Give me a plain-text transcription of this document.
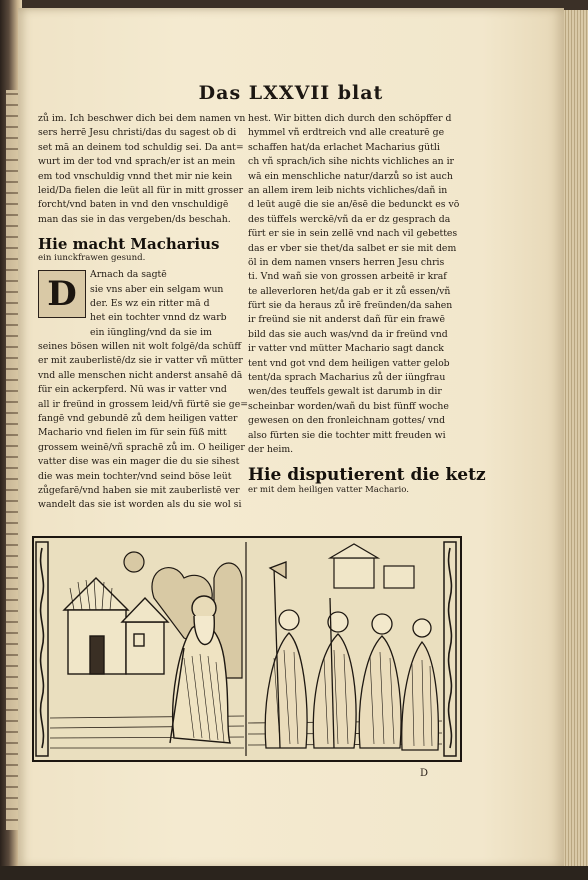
Das LXXVII blat
zů im. Ich beschwer dich bei dem namen vn
sers herrē Jesu christi/das du sagest ob di
set mā an deinem tod schuldig sei. Da ant=
wurt im der tod vnd sprach/er ist an mein
em tod vnschuldig vnnd thet mir nie kein
leid/Da fielen die leüt all für in mitt grosser
forcht/vnd baten in vnd den vnschuldigē
man das sie in das vergeben/ds beschah.
Hie macht Macharius
ein iunckfrawen gesund.
D	Arnach da sagtē
sie vns aber ein selgam wun
der. Es wz ein ritter mā d
het ein tochter vnnd dz warb
ein iüngling/vnd da sie im
seines bösen willen nit wolt folgē/da schüff
er mit zauberlistē/dz sie ir vatter vñ mütter
vnd alle menschen nicht anderst ansahē dā
für ein ackerpferd. Nū was ir vatter vnd
all ir freünd in grossem leid/vñ fürtē sie ge=
fangē vnd gebundē zů dem heiligen vatter
Machario vnd fielen im für sein füß mitt
grossem weinē/vñ sprachē zů im. O heiliger
vatter dise was ein mager die du sie sihest
die was mein tochter/vnd seind böse leüt
zůgefarē/vnd haben sie mit zauberlistē ver
wandelt das sie ist worden als du sie wol si
hest. Wir bitten dich durch den schöpffer d
hymmel vñ erdtreich vnd alle creaturē ge
schaffen hat/da erlachet Macharius gütli
ch vñ sprach/ich sihe nichts vichliches an ir
wā ein menschliche natur/darzů so ist auch
an allem irem leib nichts vichliches/dañ in
d leüt augē die sie an/ēsē die bedunckt es vō
des tüffels werckē/vñ da er dz gesprach da
fürt er sie in sein zellē vnd nach vil gebettes
das er vber sie thet/da salbet er sie mit dem
öl in dem namen vnsers herren Jesu chris
ti. Vnd wañ sie von grossen arbeitē ir kraf
te alleverloren het/da gab er it zů essen/vñ
fürt sie da heraus zů irē freünden/da sahen
ir freünd sie nit anderst dañ für ein frawē
bild das sie auch was/vnd da ir freünd vnd
ir vatter vnd mütter Machario sagt danck
tent vnd got vnd dem heiligen vatter gelob
tent/da sprach Macharius zů der iüngfrau
wen/des teuffels gewalt ist darumb in dir
scheinbar worden/wañ du bist fünff woche
gewesen on den fronleichnam gottes/ vnd
also fürten sie die tochter mitt freuden wi
der heim.
Hie disputierent die ketz
er mit dem heiligen vatter Machario.
D
